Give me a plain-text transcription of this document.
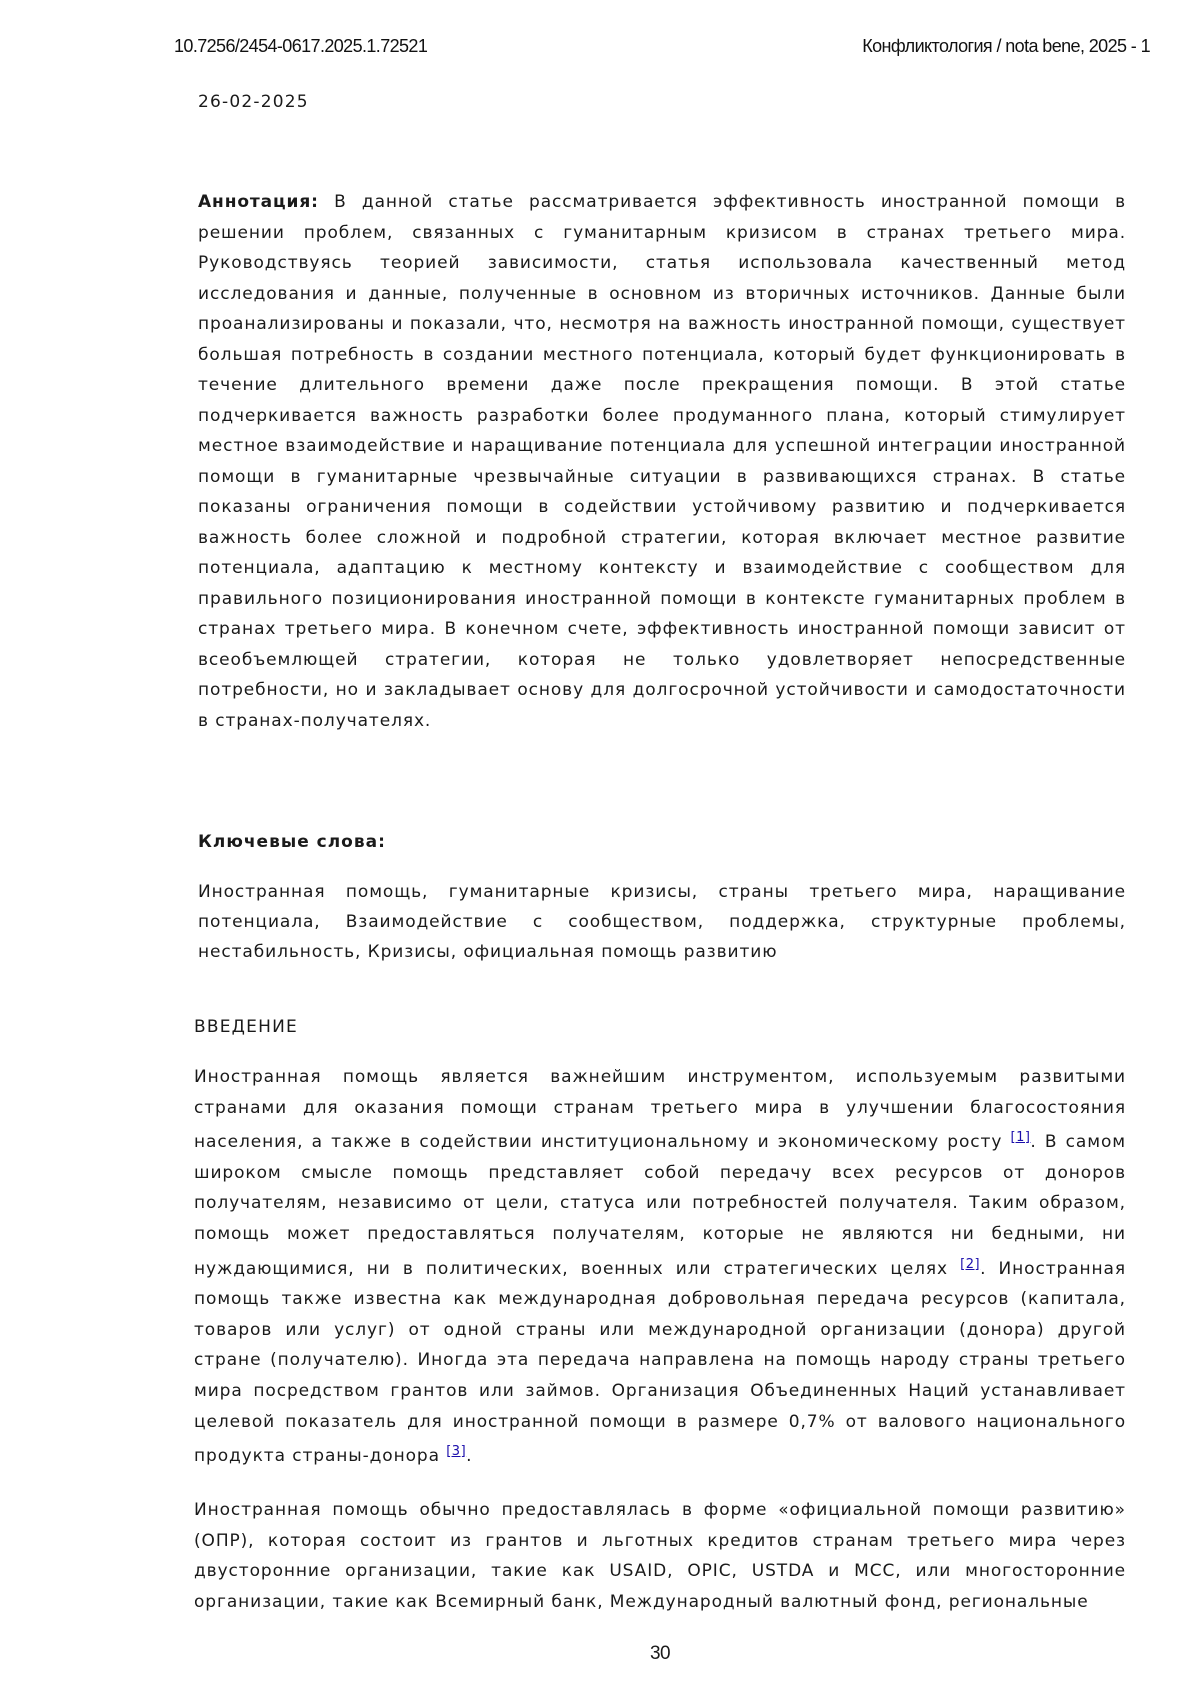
10.7256/2454-0617.2025.1.72521	Конфликтология / nota bene, 2025 - 1
26-02-2025
Аннотация: В данной статье рассматривается эффективность иностранной помощи в решении проблем, связанных с гуманитарным кризисом в странах третьего мира. Руководствуясь теорией зависимости, статья использовала качественный метод исследования и данные, полученные в основном из вторичных источников. Данные были проанализированы и показали, что, несмотря на важность иностранной помощи, существует большая потребность в создании местного потенциала, который будет функционировать в течение длительного времени даже после прекращения помощи. В этой статье подчеркивается важность разработки более продуманного плана, который стимулирует местное взаимодействие и наращивание потенциала для успешной интеграции иностранной помощи в гуманитарные чрезвычайные ситуации в развивающихся странах. В статье показаны ограничения помощи в содействии устойчивому развитию и подчеркивается важность более сложной и подробной стратегии, которая включает местное развитие потенциала, адаптацию к местному контексту и взаимодействие с сообществом для правильного позиционирования иностранной помощи в контексте гуманитарных проблем в странах третьего мира. В конечном счете, эффективность иностранной помощи зависит от всеобъемлющей стратегии, которая не только удовлетворяет непосредственные потребности, но и закладывает основу для долгосрочной устойчивости и самодостаточности в странах-получателях.
Ключевые слова:
Иностранная помощь, гуманитарные кризисы, страны третьего мира, наращивание потенциала, Взаимодействие с сообществом, поддержка, структурные проблемы, нестабильность, Кризисы, официальная помощь развитию
ВВЕДЕНИЕ
Иностранная помощь является важнейшим инструментом, используемым развитыми странами для оказания помощи странам третьего мира в улучшении благосостояния населения, а также в содействии институциональному и экономическому росту [1]. В самом широком смысле помощь представляет собой передачу всех ресурсов от доноров получателям, независимо от цели, статуса или потребностей получателя. Таким образом, помощь может предоставляться получателям, которые не являются ни бедными, ни нуждающимися, ни в политических, военных или стратегических целях [2]. Иностранная помощь также известна как международная добровольная передача ресурсов (капитала, товаров или услуг) от одной страны или международной организации (донора) другой стране (получателю). Иногда эта передача направлена на помощь народу страны третьего мира посредством грантов или займов. Организация Объединенных Наций устанавливает целевой показатель для иностранной помощи в размере 0,7% от валового национального продукта страны-донора [3].
Иностранная помощь обычно предоставлялась в форме «официальной помощи развитию» (ОПР), которая состоит из грантов и льготных кредитов странам третьего мира через двусторонние организации, такие как USAID, OPIC, USTDA и MCC, или многосторонние организации, такие как Всемирный банк, Международный валютный фонд, региональные
30
